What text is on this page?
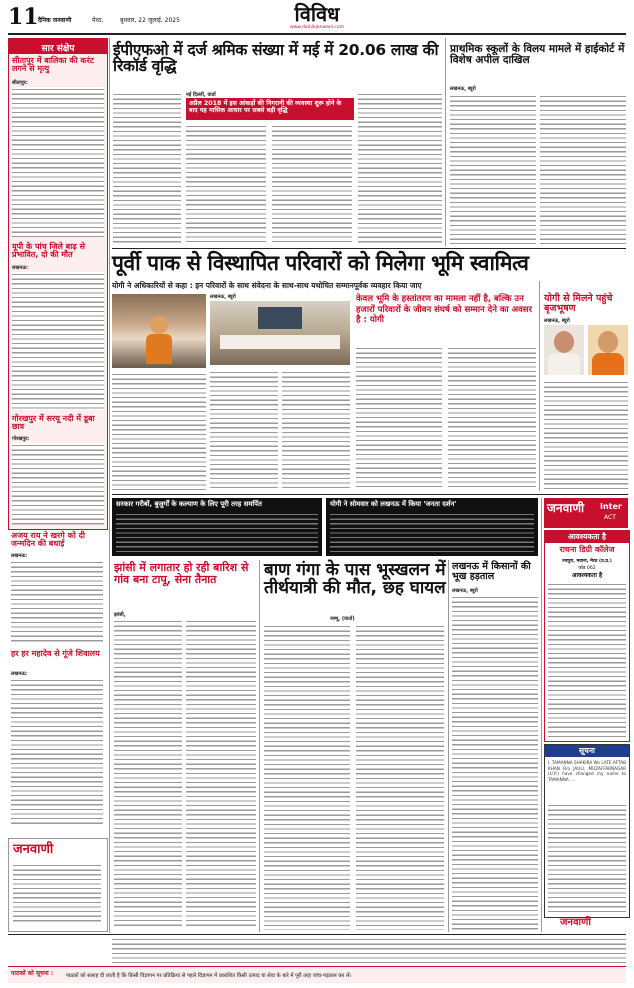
11 दैनिक जनवाणी	मेरठ,	बुधवार, 22 जुलाई, 2025	विविध
www.dainikjanwani.com
सार संक्षेप
सीतापुर में बालिका की करंट लगने से मृत्यु
सीतापुर:
यूपी के पांच जिले बाढ़ से प्रभावित, दो की मौत
लखनऊ:
गोरखपुर में सरयू नदी में डूबा छात्र
गोरखपुर:
अजय राय ने खरगे को दी जन्मदिन की बधाई
लखनऊ:
हर हर महादेव से गूंजे शिवालय
लखनऊ:
जनवाणी
ईपीएफओ में दर्ज श्रमिक संख्या में मई में 20.06 लाख की रिकॉर्ड वृद्धि
नई दिल्ली, वार्ता
अप्रैल 2018 में इस आंकड़ों की निगरानी की व्यवस्था शुरू होने के बाद यह मासिक आधार पर सबसे बड़ी वृद्धि
प्राथमिक स्कूलों के विलय मामले में हाईकोर्ट में विशेष अपील दाखिल
लखनऊ, ब्यूरो
पूर्वी पाक से विस्थापित परिवारों को मिलेगा भूमि स्वामित्व
योगी ने अधिकारियों से कहा : इन परिवारों के साथ संवेदना के साथ-साथ यथोचित सम्मानपूर्वक व्यवहार किया जाए
लखनऊ, ब्यूरो	केवल भूमि के हस्तांतरण का मामला नहीं है, बल्कि उन हजारों परिवारों के जीवन संघर्ष को सम्मान देने का अवसर है : योगी
योगी से मिलने पहुंचे बृजभूषण
लखनऊ, ब्यूरो
सरकार गरीबों, बुजुर्गों के कल्याण के लिए पूरी तरह समर्पित	योगी ने सोमवार को लखनऊ में किया 'जनता दर्शन'
झांसी में लगातार हो रही बारिश से गांव बना टापू, सेना तैनात
झांसी,
बाण गंगा के पास भूस्खलन में तीर्थयात्री की मौत, छह घायल
जम्मू, (वार्ता)
लखनऊ में किसानों की भूख हड़ताल
लखनऊ, ब्यूरो
जनवाणी Inter
ACT
आवश्यकता है
राधना डिग्री कॉलेज
रजपुरा, मवाना, मेरठ (उ.प्र.)
कोड 062
आवश्यकता है
सूचना
I, TAMANNA SHAKIRA Wo LATE AFTAB KHAN R/o JAULI, MUZAFFARNAGAR (U.P.) have changed my name to TAMANNA ....
जनवाणी
पाठकों को सूचना : पाठकों को सलाह दी जाती है कि किसी विज्ञापन पर प्रतिक्रिया से पहले विज्ञापन में प्रकाशित किसी उत्पाद या सेवा के बारे में पूरी तरह जांच-पड़ताल कर लें।
